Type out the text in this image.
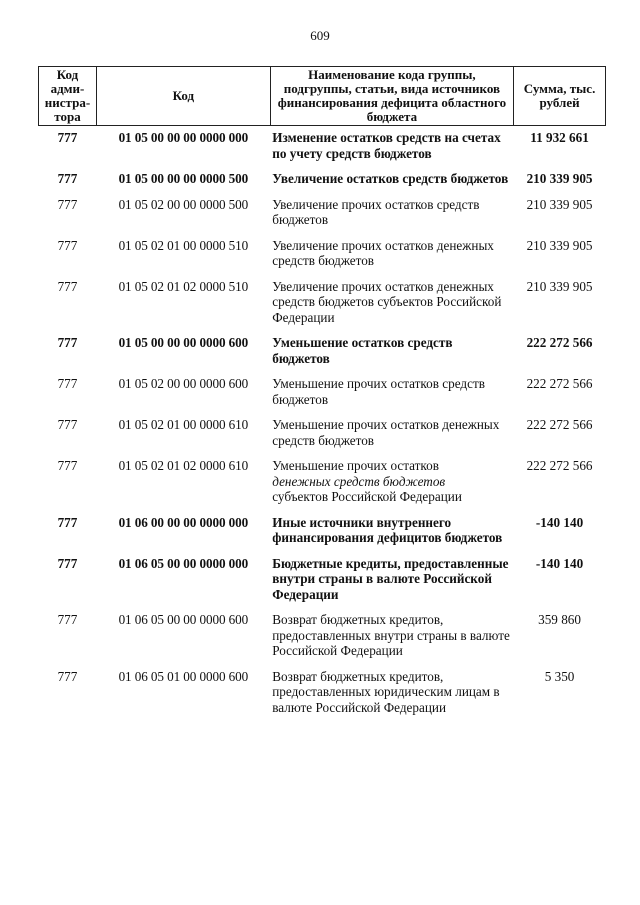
609
Код адми-нистра-тора	Код	Наименование кода группы, подгруппы, статьи, вида источников финансирования дефицита областного бюджета	Сумма, тыс. рублей
777	01 05 00 00 00 0000 000	Изменение остатков средств на счетах по учету средств бюджетов	11 932 661
777	01 05 00 00 00 0000 500	Увеличение остатков средств бюджетов	210 339 905
777	01 05 02 00 00 0000 500	Увеличение прочих остатков средств бюджетов	210 339 905
777	01 05 02 01 00 0000 510	Увеличение прочих остатков денежных средств бюджетов	210 339 905
777	01 05 02 01 02 0000 510	Увеличение прочих остатков денежных средств бюджетов субъектов Российской Федерации	210 339 905
777	01 05 00 00 00 0000 600	Уменьшение остатков средств бюджетов	222 272 566
777	01 05 02 00 00 0000 600	Уменьшение прочих остатков средств бюджетов	222 272 566
777	01 05 02 01 00 0000 610	Уменьшение прочих остатков денежных средств бюджетов	222 272 566
777	01 05 02 01 02 0000 610	Уменьшение прочих остатков
денежных средств бюджетов
субъектов Российской Федерации	222 272 566
777	01 06 00 00 00 0000 000	Иные источники внутреннего финансирования дефицитов бюджетов	-140 140
777	01 06 05 00 00 0000 000	Бюджетные кредиты, предоставленные внутри страны в валюте Российской Федерации	-140 140
777	01 06 05 00 00 0000 600	Возврат бюджетных кредитов, предоставленных внутри страны в валюте Российской Федерации	359 860
777	01 06 05 01 00 0000 600	Возврат бюджетных кредитов, предоставленных юридическим лицам в валюте Российской Федерации	5 350
